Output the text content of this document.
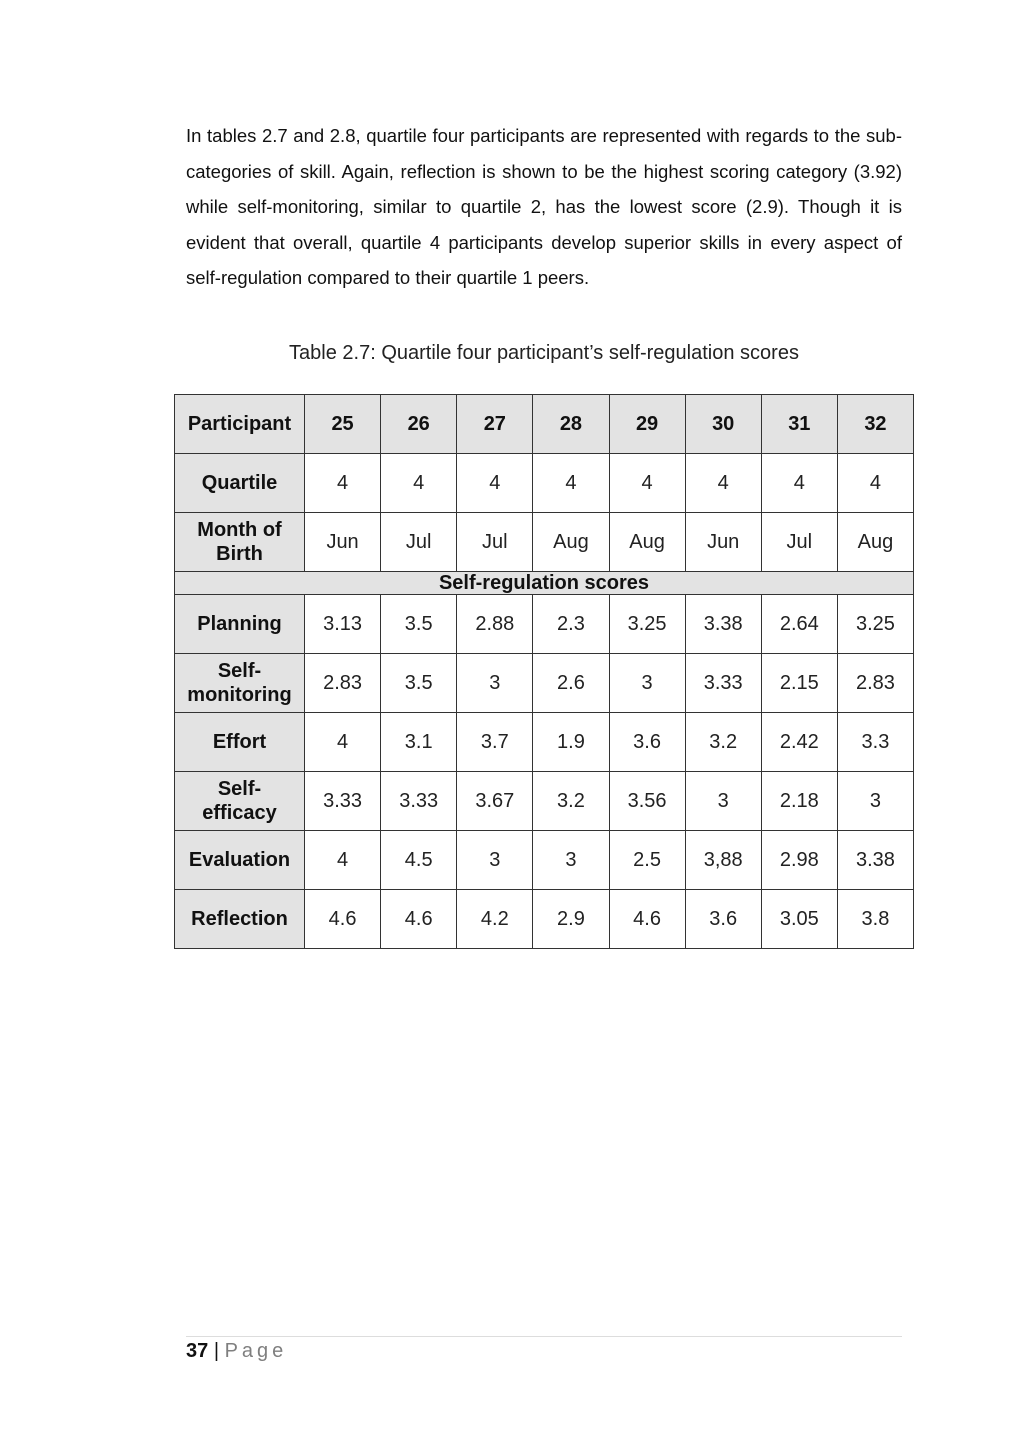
In tables 2.7 and 2.8, quartile four participants are represented with regards to the sub-categories of skill. Again, reflection is shown to be the highest scoring category (3.92) while self-monitoring, similar to quartile 2, has the lowest score (2.9). Though it is evident that overall, quartile 4 participants develop superior skills in every aspect of self-regulation compared to their quartile 1 peers.

Table 2.7: Quartile four participant’s self-regulation scores

Participant	25	26	27	28	29	30	31	32
Quartile	4	4	4	4	4	4	4	4

Month of
Birth	Jun	Jul	Jul	Aug	Aug	Jun	Jul	Aug
Self-regulation scores								
Planning	3.13	3.5	2.88	2.3	3.25	3.38	2.64	3.25

Self-
monitoring	2.83	3.5	3	2.6	3	3.33	2.15	2.83
Effort	4	3.1	3.7	1.9	3.6	3.2	2.42	3.3

Self-
efficacy	3.33	3.33	3.67	3.2	3.56	3	2.18	3
Evaluation	4	4.5	3	3	2.5	3,88	2.98	3.38
Reflection	4.6	4.6	4.2	2.9	4.6	3.6	3.05	3.8
37 | Page
